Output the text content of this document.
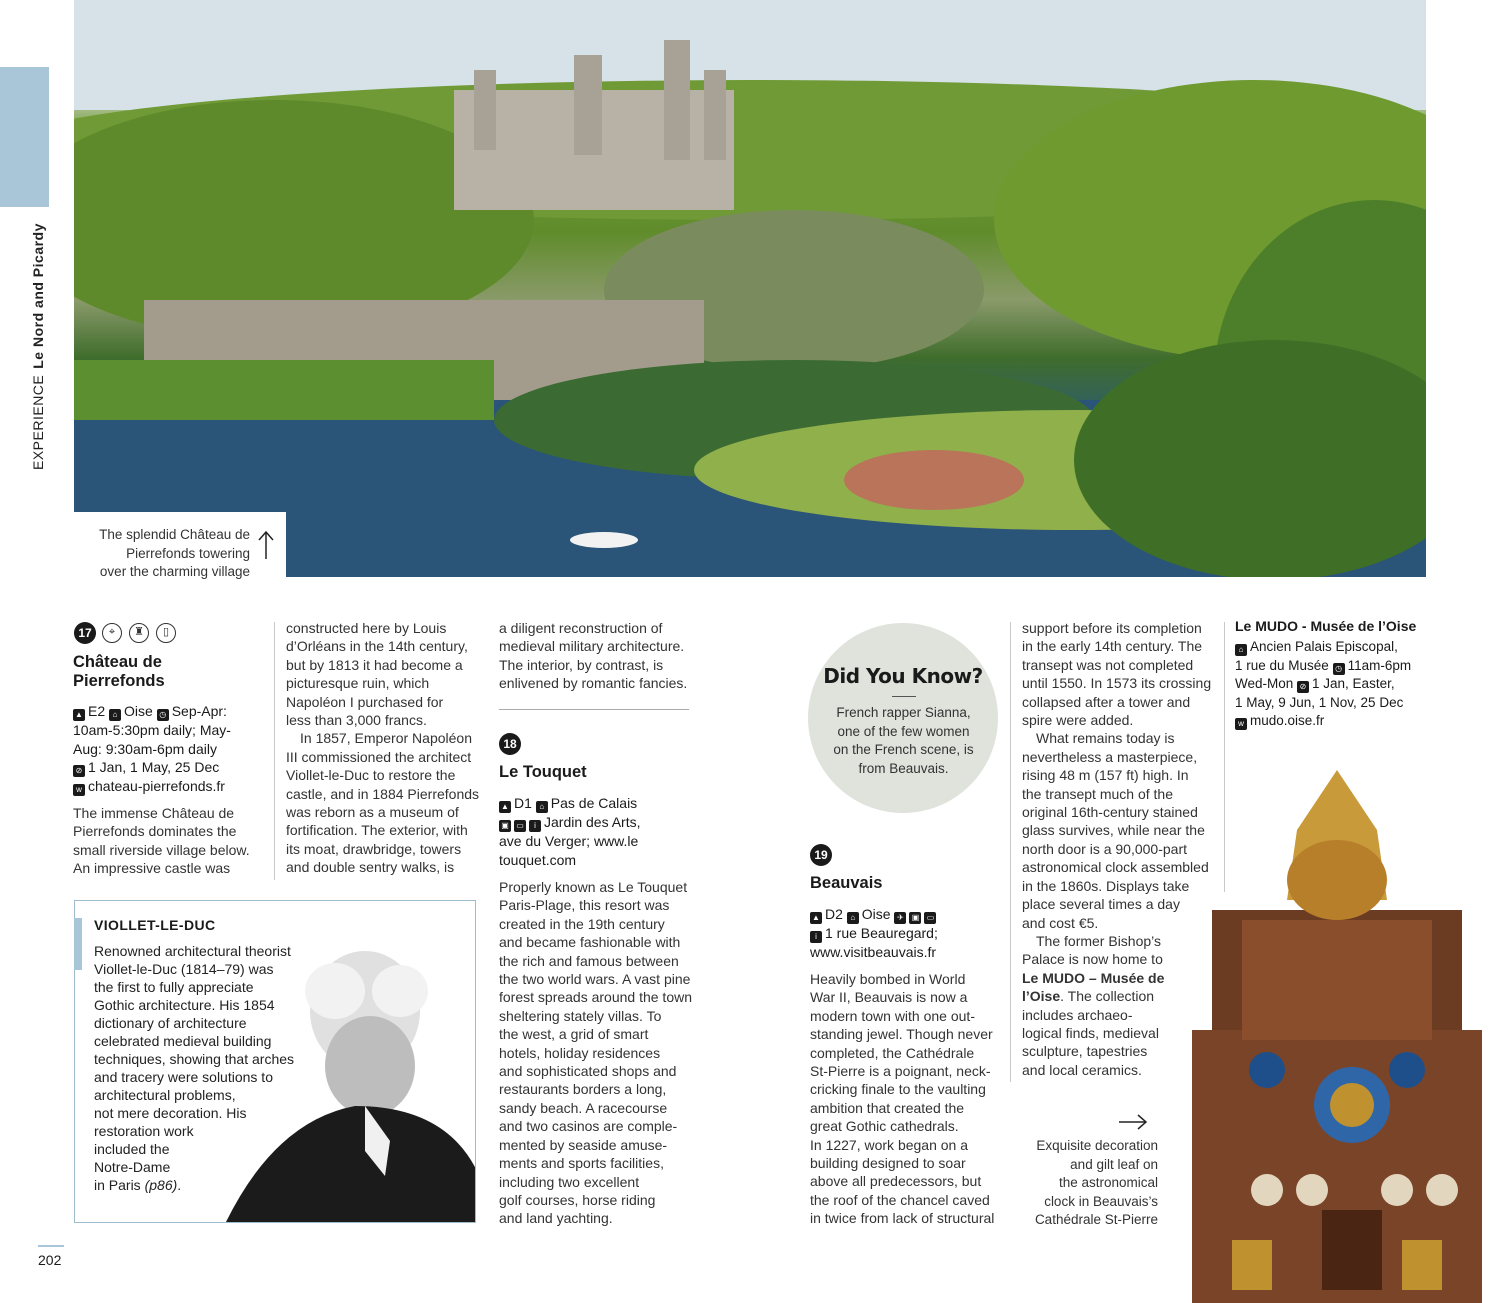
EXPERIENCELe Nord and Picardy
The splendid Château de
Pierrefonds towering
over the charming village
17	⌖	♜	▯
Château de
Pierrefonds
▲ E2 ⌂ Oise ◷ Sep-Apr:
10am-5:30pm daily; May-
Aug: 9:30am-6pm daily
⊘ 1 Jan, 1 May, 25 Dec
w chateau-pierrefonds.fr

The immense Château de

Pierrefonds dominates the

small riverside village below.

An impressive castle was

constructed here by Louis

d’Orléans in the 14th century,

but by 1813 it had become a

picturesque ruin, which

Napoléon I purchased for

less than 3,000 francs.

In 1857, Emperor Napoléon

III commissioned the architect

Viollet-le-Duc to restore the

castle, and in 1884 Pierrefonds

was reborn as a museum of

fortification. The exterior, with

its moat, drawbridge, towers

and double sentry walks, is

a diligent reconstruction of

medieval military architecture.

The interior, by contrast, is

enlivened by romantic fancies.

18
Le Touquet
▲ D1 ⌂ Pas de Calais
▣ ▭ i Jardin des Arts,
ave du Verger; www.le
touquet.com

Properly known as Le Touquet

Paris-Plage, this resort was

created in the 19th century

and became fashionable with

the rich and famous between

the two world wars. A vast pine

forest spreads around the town

sheltering stately villas. To

the west, a grid of smart

hotels, holiday residences

and sophisticated shops and

restaurants borders a long,

sandy beach. A racecourse

and two casinos are comple-

mented by seaside amuse-

ments and sports facilities,

including two excellent

golf courses, horse riding

and land yachting.

VIOLLET-LE-DUC
Renowned architectural theorist
Viollet-le-Duc (1814–79) was
the first to fully appreciate
Gothic architecture. His 1854
dictionary of architecture
celebrated medieval building
techniques, showing that arches
and tracery were solutions to
architectural problems,
not mere decoration. His
restoration work
included the
Notre-Dame
in Paris (p86).
Did You Know?
French rapper Sianna,
one of the few women
on the French scene, is
from Beauvais.
19
Beauvais
▲ D2 ⌂ Oise ✈ ▣ ▭
i 1 rue Beauregard;
www.visitbeauvais.fr

Heavily bombed in World

War II, Beauvais is now a

modern town with one out-

standing jewel. Though never

completed, the Cathédrale

St-Pierre is a poignant, neck-

cricking finale to the vaulting

ambition that created the

great Gothic cathedrals.

In 1227, work began on a

building designed to soar

above all predecessors, but

the roof of the chancel caved

in twice from lack of structural

support before its completion

in the early 14th century. The

transept was not completed

until 1550. In 1573 its crossing

collapsed after a tower and

spire were added.

What remains today is

nevertheless a masterpiece,

rising 48 m (157 ft) high. In

the transept much of the

original 16th-century stained

glass survives, while near the

north door is a 90,000-part

astronomical clock assembled

in the 1860s. Displays take

place several times a day

and cost €5.

The former Bishop’s

Palace is now home to

Le MUDO – Musée de

l’Oise. The collection

includes archaeo-

logical finds, medieval

sculpture, tapestries

and local ceramics.

Le MUDO - Musée de l’Oise
⌂ Ancien Palais Episcopal,
1 rue du Musée ◷ 11am-6pm
Wed-Mon ⊘ 1 Jan, Easter,
1 May, 9 Jun, 1 Nov, 25 Dec
w mudo.oise.fr
Exquisite decoration
and gilt leaf on
the astronomical
clock in Beauvais’s
Cathédrale St-Pierre
202
